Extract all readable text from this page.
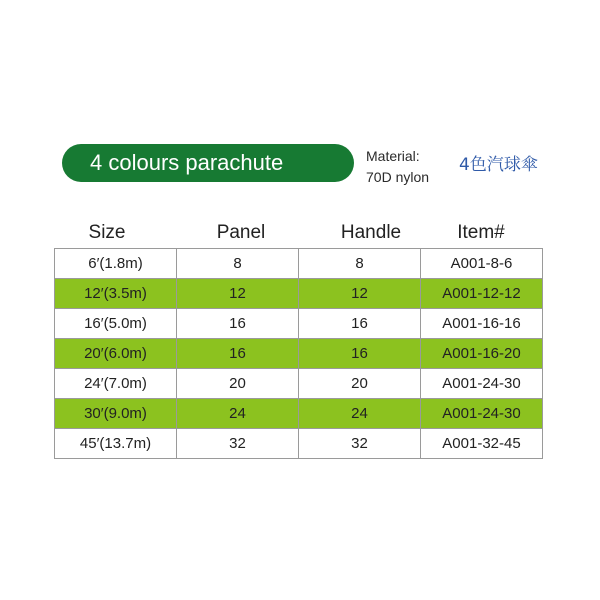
4 colours parachute	Material:
70D nylon
4色汽球傘
Size	Panel	Handle	Item#
6′(1.8m)	8	8	A001-8-6
12′(3.5m)	12	12	A001-12-12
16′(5.0m)	16	16	A001-16-16
20′(6.0m)	16	16	A001-16-20
24′(7.0m)	20	20	A001-24-30
30′(9.0m)	24	24	A001-24-30
45′(13.7m)	32	32	A001-32-45
